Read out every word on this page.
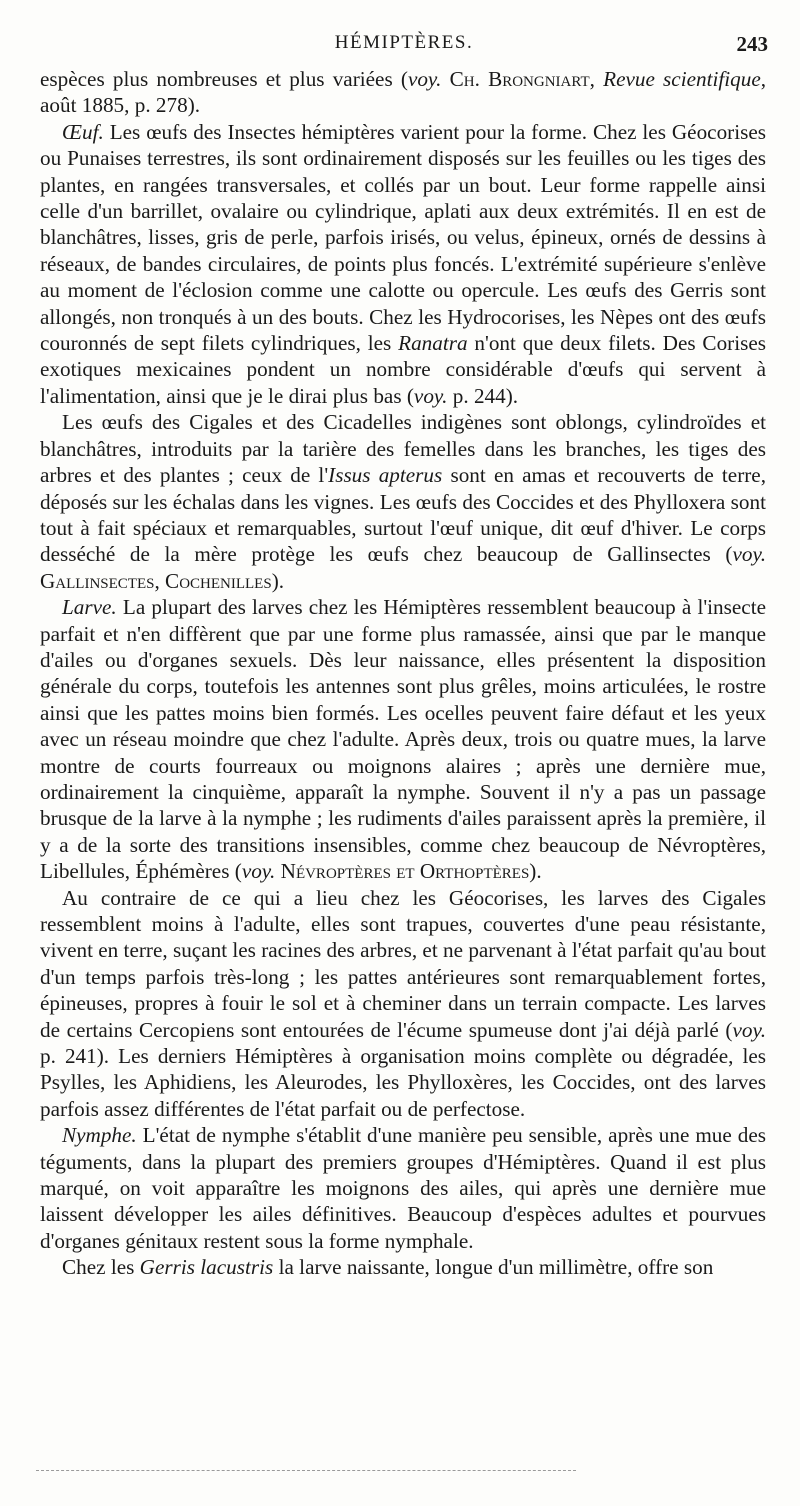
HÉMIPTÈRES.	243

espèces plus nombreuses et plus variées (voy. Ch. Brongniart, Revue scientifique, août 1885, p. 278).

Œuf. Les œufs des Insectes hémiptères varient pour la forme. Chez les Géocorises ou Punaises terrestres, ils sont ordinairement disposés sur les feuilles ou les tiges des plantes, en rangées transversales, et collés par un bout. Leur forme rappelle ainsi celle d'un barrillet, ovalaire ou cylindrique, aplati aux deux extrémités. Il en est de blanchâtres, lisses, gris de perle, parfois irisés, ou velus, épineux, ornés de dessins à réseaux, de bandes circulaires, de points plus foncés. L'extrémité supérieure s'enlève au moment de l'éclosion comme une calotte ou opercule. Les œufs des Gerris sont allongés, non tronqués à un des bouts. Chez les Hydrocorises, les Nèpes ont des œufs couronnés de sept filets cylindriques, les Ranatra n'ont que deux filets. Des Corises exotiques mexicaines pondent un nombre considérable d'œufs qui servent à l'alimentation, ainsi que je le dirai plus bas (voy. p. 244).

Les œufs des Cigales et des Cicadelles indigènes sont oblongs, cylindroïdes et blanchâtres, introduits par la tarière des femelles dans les branches, les tiges des arbres et des plantes ; ceux de l'Issus apterus sont en amas et recouverts de terre, déposés sur les échalas dans les vignes. Les œufs des Coccides et des Phylloxera sont tout à fait spéciaux et remarquables, surtout l'œuf unique, dit œuf d'hiver. Le corps desséché de la mère protège les œufs chez beaucoup de Gallinsectes (voy. Gallinsectes, Cochenilles).

Larve. La plupart des larves chez les Hémiptères ressemblent beaucoup à l'insecte parfait et n'en diffèrent que par une forme plus ramassée, ainsi que par le manque d'ailes ou d'organes sexuels. Dès leur naissance, elles présentent la disposition générale du corps, toutefois les antennes sont plus grêles, moins articulées, le rostre ainsi que les pattes moins bien formés. Les ocelles peuvent faire défaut et les yeux avec un réseau moindre que chez l'adulte. Après deux, trois ou quatre mues, la larve montre de courts fourreaux ou moignons alaires ; après une dernière mue, ordinairement la cinquième, apparaît la nymphe. Souvent il n'y a pas un passage brusque de la larve à la nymphe ; les rudiments d'ailes paraissent après la première, il y a de la sorte des transitions insensibles, comme chez beaucoup de Névroptères, Libellules, Éphémères (voy. Névroptères et Orthoptères).

Au contraire de ce qui a lieu chez les Géocorises, les larves des Cigales ressemblent moins à l'adulte, elles sont trapues, couvertes d'une peau résistante, vivent en terre, suçant les racines des arbres, et ne parvenant à l'état parfait qu'au bout d'un temps parfois très-long ; les pattes antérieures sont remarquablement fortes, épineuses, propres à fouir le sol et à cheminer dans un terrain compacte. Les larves de certains Cercopiens sont entourées de l'écume spumeuse dont j'ai déjà parlé (voy. p. 241). Les derniers Hémiptères à organisation moins complète ou dégradée, les Psylles, les Aphidiens, les Aleurodes, les Phylloxères, les Coccides, ont des larves parfois assez différentes de l'état parfait ou de perfectose.

Nymphe. L'état de nymphe s'établit d'une manière peu sensible, après une mue des téguments, dans la plupart des premiers groupes d'Hémiptères. Quand il est plus marqué, on voit apparaître les moignons des ailes, qui après une dernière mue laissent développer les ailes définitives. Beaucoup d'espèces adultes et pourvues d'organes génitaux restent sous la forme nymphale.

Chez les Gerris lacustris la larve naissante, longue d'un millimètre, offre son
